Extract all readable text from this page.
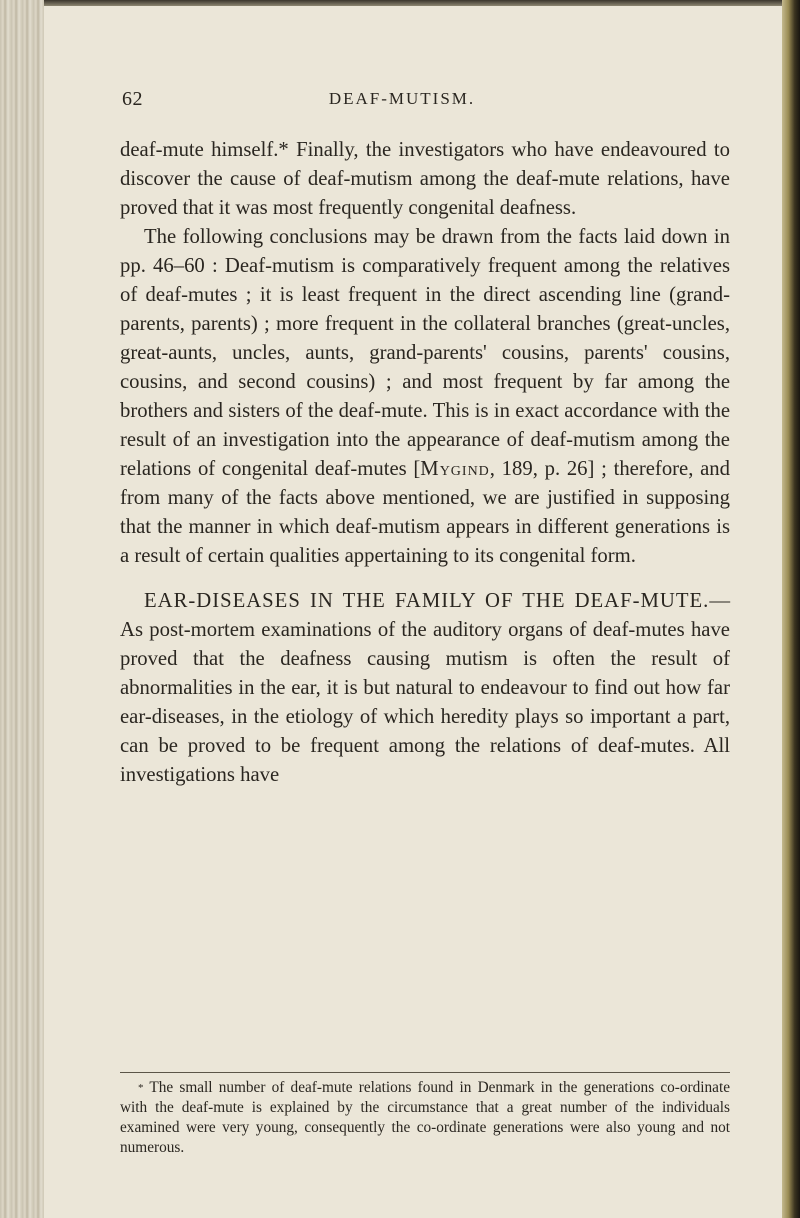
62	DEAF-MUTISM.

deaf-mute himself.* Finally, the investigators who have endeavoured to discover the cause of deaf-mutism among the deaf-mute relations, have proved that it was most frequently congenital deafness.

The following conclusions may be drawn from the facts laid down in pp. 46–60 : Deaf-mutism is comparatively frequent among the relatives of deaf-mutes ; it is least frequent in the direct ascending line (grand-parents, parents) ; more frequent in the collateral branches (great-uncles, great-aunts, uncles, aunts, grand-parents' cousins, parents' cousins, cousins, and second cousins) ; and most frequent by far among the brothers and sisters of the deaf-mute. This is in exact accordance with the result of an investigation into the appearance of deaf-mutism among the relations of congenital deaf-mutes [Mygind, 189, p. 26] ; therefore, and from many of the facts above mentioned, we are justified in supposing that the manner in which deaf-mutism appears in different generations is a result of certain qualities appertaining to its congenital form.

EAR-DISEASES IN THE FAMILY OF THE DEAF-MUTE.—As post-mortem examinations of the auditory organs of deaf-mutes have proved that the deafness causing mutism is often the result of abnormalities in the ear, it is but natural to endeavour to find out how far ear-diseases, in the etiology of which heredity plays so important a part, can be proved to be frequent among the relations of deaf-mutes. All investigations have

* The small number of deaf-mute relations found in Denmark in the generations co-ordinate with the deaf-mute is explained by the circumstance that a great number of the individuals examined were very young, consequently the co-ordinate generations were also young and not numerous.
